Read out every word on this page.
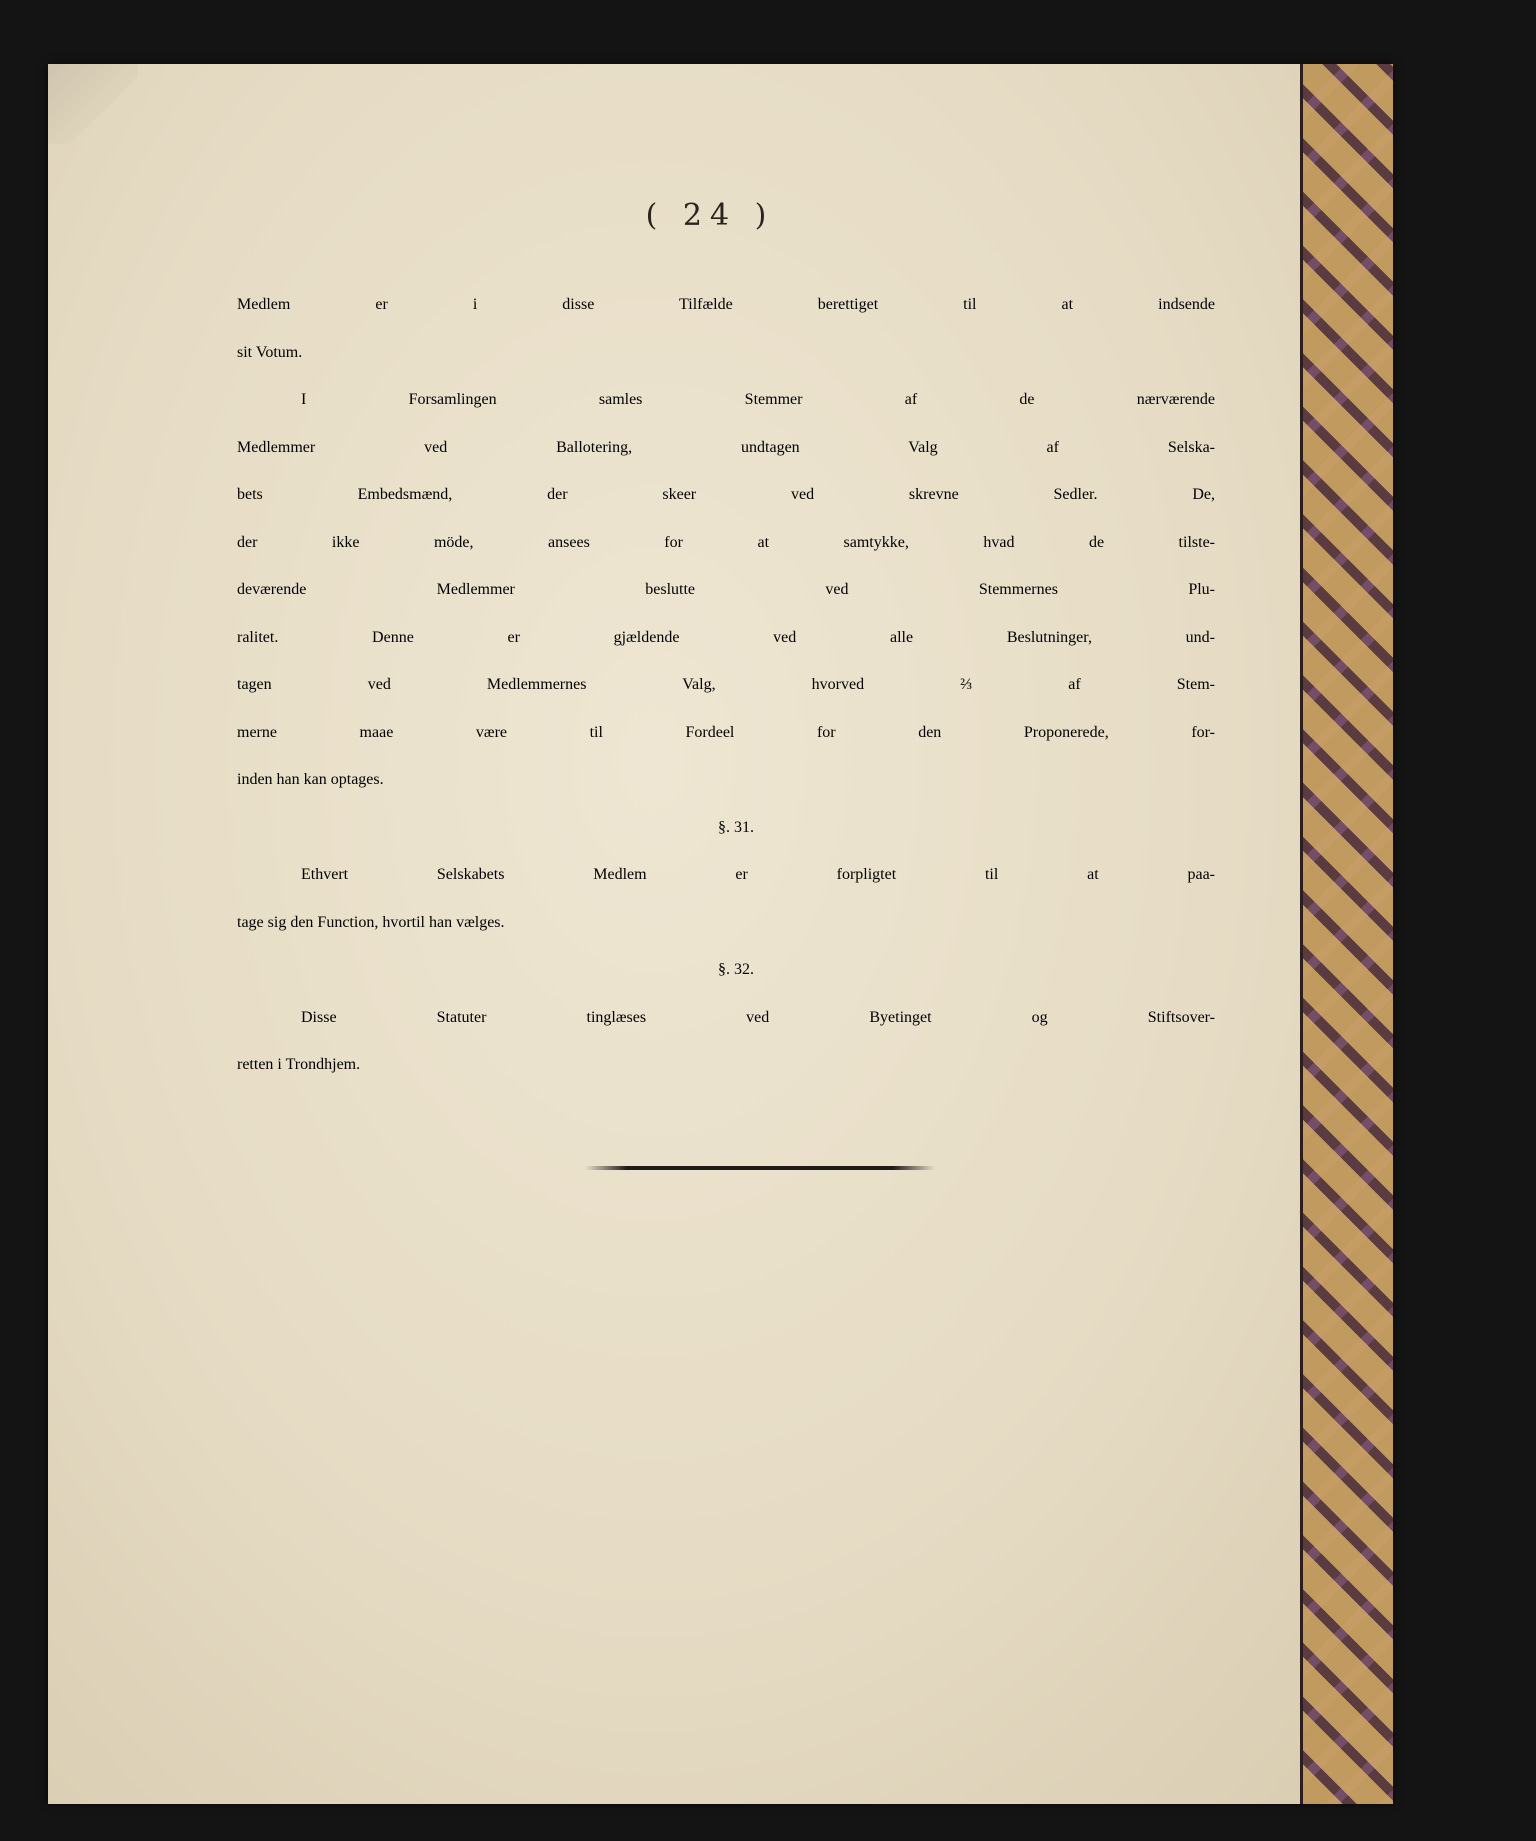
( 24 )
Medlem er i disse Tilfælde berettiget til at indsende
sit Votum.
I Forsamlingen samles Stemmer af de nærværende
Medlemmer ved Ballotering, undtagen Valg af Selska-
bets Embedsmænd, der skeer ved skrevne Sedler. De,
der ikke möde, ansees for at samtykke, hvad de tilste-
deværende Medlemmer beslutte ved Stemmernes Plu-
ralitet. Denne er gjældende ved alle Beslutninger, und-
tagen ved Medlemmernes Valg, hvorved ⅔ af Stem-
merne maae være til Fordeel for den Proponerede, for-
inden han kan optages.
§. 31.
Ethvert Selskabets Medlem er forpligtet til at paa-
tage sig den Function, hvortil han vælges.
§. 32.
Disse Statuter tinglæses ved Byetinget og Stiftsover-
retten i Trondhjem.
